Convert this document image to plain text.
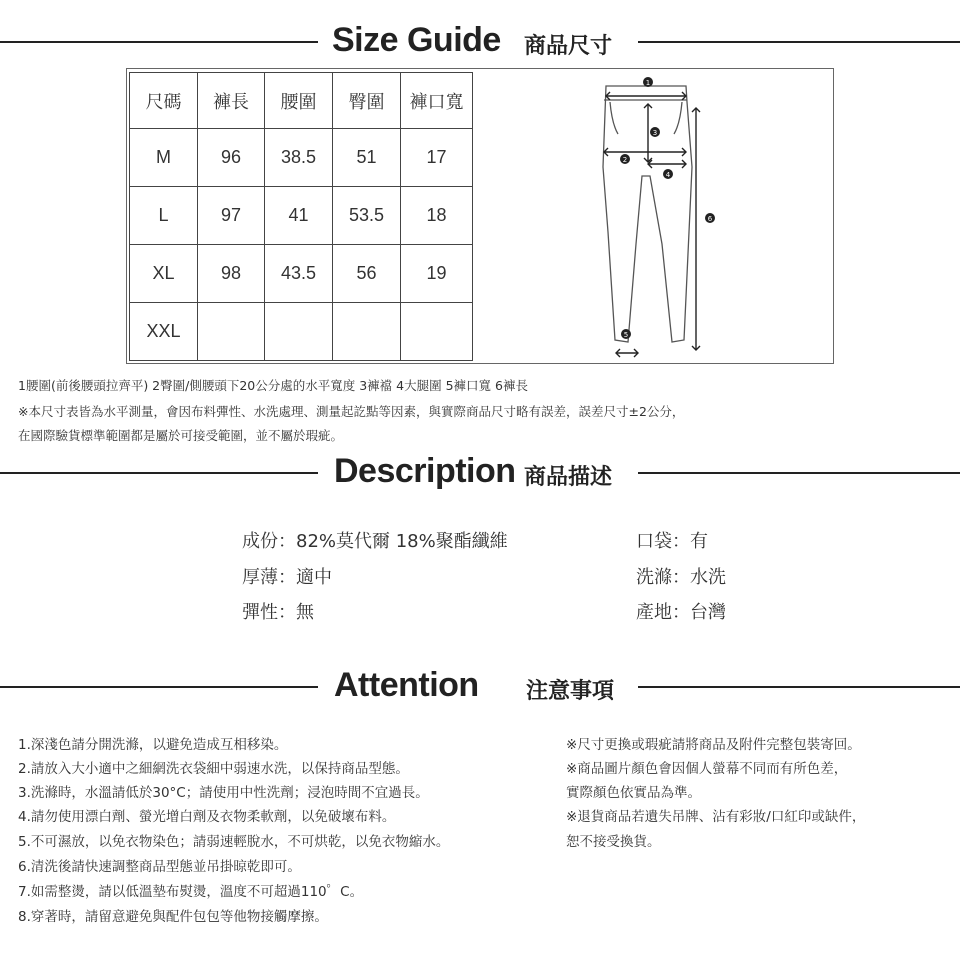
Size Guide 商品尺寸
尺碼	褲長	腰圍	臀圍	褲口寬
M	96	38.5	51	17
L	97	41	53.5	18
XL	98	43.5	56	19
XXL				
1
2
3
4
5
6
1腰圍(前後腰頭拉齊平) 2臀圍/側腰頭下20公分處的水平寬度 3褲襠 4大腿圍 5褲口寬 6褲長
※本尺寸表皆為水平測量，會因布料彈性、水洗處理、測量起訖點等因素，與實際商品尺寸略有誤差，誤差尺寸±2公分，
在國際驗貨標準範圍都是屬於可接受範圍，並不屬於瑕疵。
Description 商品描述
成份：82%莫代爾 18%聚酯纖維
厚薄：適中
彈性：無
口袋：有
洗滌：水洗
產地：台灣
Attention 注意事項
1.深淺色請分開洗滌，以避免造成互相移染。
2.請放入大小適中之細網洗衣袋細中弱速水洗，以保持商品型態。
3.洗滌時，水溫請低於30°C；請使用中性洗劑；浸泡時間不宜過長。
4.請勿使用漂白劑、螢光增白劑及衣物柔軟劑，以免破壞布料。
5.不可濕放，以免衣物染色；請弱速輕脫水，不可烘乾，以免衣物縮水。
6.清洗後請快速調整商品型態並吊掛晾乾即可。
7.如需整燙，請以低溫墊布熨燙，溫度不可超過110゜C。
8.穿著時，請留意避免與配件包包等他物接觸摩擦。
※尺寸更換或瑕疵請將商品及附件完整包裝寄回。
※商品圖片顏色會因個人螢幕不同而有所色差，
實際顏色依實品為準。
※退貨商品若遺失吊牌、沾有彩妝/口紅印或缺件，
恕不接受換貨。
